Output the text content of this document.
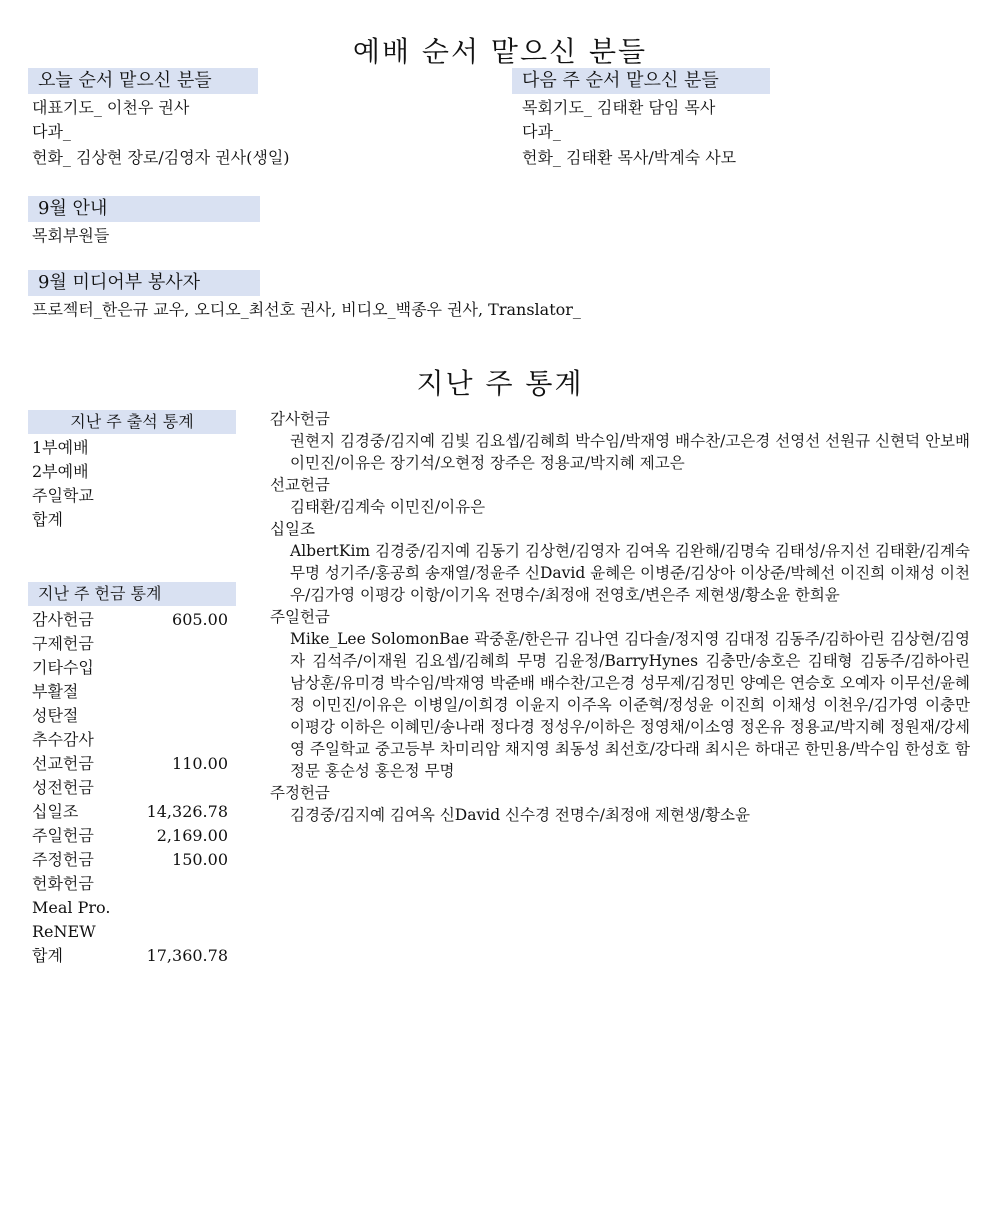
예배 순서 맡으신 분들
오늘 순서 맡으신 분들
대표기도_ 이천우 권사
다과_
헌화_ 김상현 장로/김영자 권사(생일)
다음 주 순서 맡으신 분들
목회기도_ 김태환 담임 목사
다과_
헌화_ 김태환 목사/박계숙 사모
9월 안내
목회부원들
9월 미디어부 봉사자
프로젝터_한은규 교우, 오디오_최선호 권사, 비디오_백종우 권사, Translator_
지난 주 통계
지난 주 출석 통계
1부예배
2부예배
주일학교
합계
지난 주 헌금 통계
감사헌금	605.00
구제헌금
기타수입
부활절
성탄절
추수감사
선교헌금	110.00
성전헌금
십일조	14,326.78
주일헌금	2,169.00
주정헌금	150.00
헌화헌금
Meal Pro.
ReNEW
합계	17,360.78
감사헌금
권현지 김경중/김지예 김빛 김요셉/김혜희 박수임/박재영 배수찬/고은경 선영선 선원규 신현덕 안보배 이민진/이유은 장기석/오현정 장주은 정용교/박지혜 제고은
선교헌금
김태환/김계숙 이민진/이유은
십일조
AlbertKim 김경중/김지예 김동기 김상현/김영자 김여옥 김완해/김명숙 김태성/유지선 김태환/김계숙 무명 성기주/홍공희 송재열/정윤주 신David 윤혜은 이병준/김상아 이상준/박혜선 이진희 이채성 이천우/김가영 이평강 이항/이기옥 전명수/최정애 전영호/변은주 제현생/황소윤 한희윤
주일헌금
Mike_Lee SolomonBae 곽중훈/한은규 김나연 김다솔/정지영 김대정 김동주/김하아린 김상현/김영자 김석주/이재원 김요셉/김혜희 무명 김윤정/BarryHynes 김충만/송호은 김태형 김동주/김하아린 남상훈/유미경 박수임/박재영 박준배 배수찬/고은경 성무제/김정민 양예은 연승호 오예자 이무선/윤혜정 이민진/이유은 이병일/이희경 이윤지 이주옥 이준혁/정성윤 이진희 이채성 이천우/김가영 이충만 이평강 이하은 이혜민/송나래 정다경 정성우/이하은 정영채/이소영 정온유 정용교/박지혜 정원재/강세영 주일학교 중고등부 차미리암 채지영 최동성 최선호/강다래 최시은 하대곤 한민용/박수임 한성호 함정문 홍순성 홍은정 무명
주정헌금
김경중/김지예 김여옥 신David 신수경 전명수/최정애 제현생/황소윤
